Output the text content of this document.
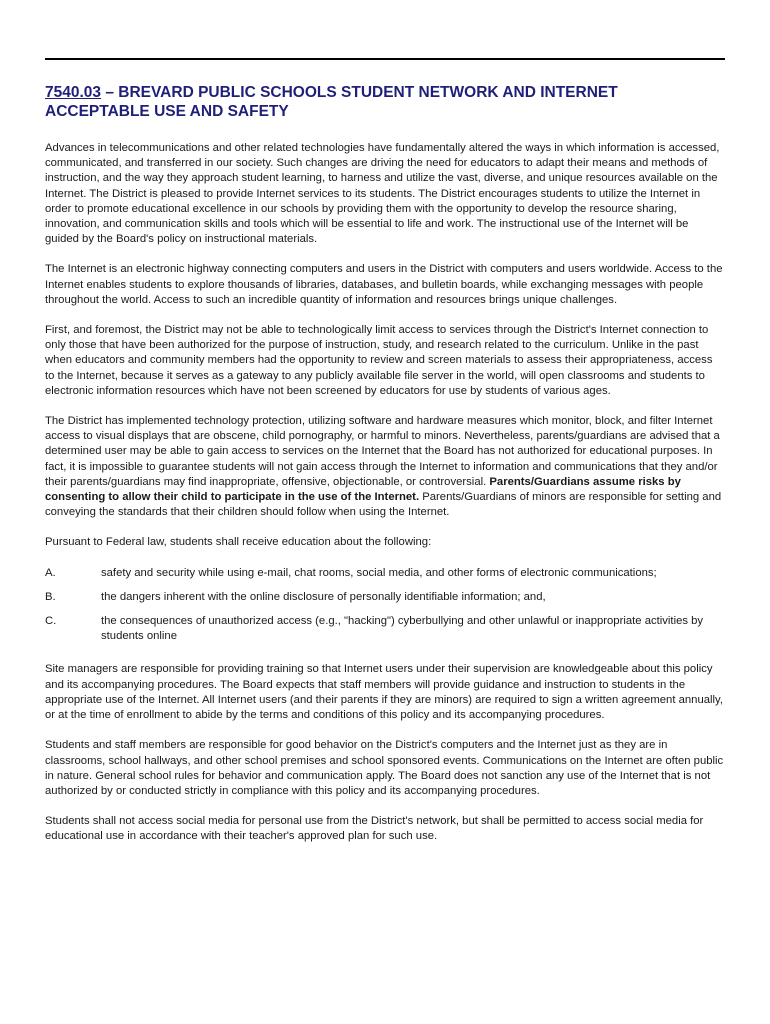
7540.03 – BREVARD PUBLIC SCHOOLS STUDENT NETWORK AND INTERNET ACCEPTABLE USE AND SAFETY

Advances in telecommunications and other related technologies have fundamentally altered the ways in which information is accessed, communicated, and transferred in our society. Such changes are driving the need for educators to adapt their means and methods of instruction, and the way they approach student learning, to harness and utilize the vast, diverse, and unique resources available on the Internet. The District is pleased to provide Internet services to its students. The District encourages students to utilize the Internet in order to promote educational excellence in our schools by providing them with the opportunity to develop the resource sharing, innovation, and communication skills and tools which will be essential to life and work. The instructional use of the Internet will be guided by the Board's policy on instructional materials.

The Internet is an electronic highway connecting computers and users in the District with computers and users worldwide. Access to the Internet enables students to explore thousands of libraries, databases, and bulletin boards, while exchanging messages with people throughout the world. Access to such an incredible quantity of information and resources brings unique challenges.

First, and foremost, the District may not be able to technologically limit access to services through the District's Internet connection to only those that have been authorized for the purpose of instruction, study, and research related to the curriculum. Unlike in the past when educators and community members had the opportunity to review and screen materials to assess their appropriateness, access to the Internet, because it serves as a gateway to any publicly available file server in the world, will open classrooms and students to electronic information resources which have not been screened by educators for use by students of various ages.

The District has implemented technology protection, utilizing software and hardware measures which monitor, block, and filter Internet access to visual displays that are obscene, child pornography, or harmful to minors. Nevertheless, parents/guardians are advised that a determined user may be able to gain access to services on the Internet that the Board has not authorized for educational purposes. In fact, it is impossible to guarantee students will not gain access through the Internet to information and communications that they and/or their parents/guardians may find inappropriate, offensive, objectionable, or controversial. Parents/Guardians assume risks by consenting to allow their child to participate in the use of the Internet. Parents/Guardians of minors are responsible for setting and conveying the standards that their children should follow when using the Internet.

Pursuant to Federal law, students shall receive education about the following:

A.	safety and security while using e-mail, chat rooms, social media, and other forms of electronic communications;
B.	the dangers inherent with the online disclosure of personally identifiable information; and,
C.	the consequences of unauthorized access (e.g., "hacking") cyberbullying and other unlawful or inappropriate activities by students online

Site managers are responsible for providing training so that Internet users under their supervision are knowledgeable about this policy and its accompanying procedures. The Board expects that staff members will provide guidance and instruction to students in the appropriate use of the Internet. All Internet users (and their parents if they are minors) are required to sign a written agreement annually, or at the time of enrollment to abide by the terms and conditions of this policy and its accompanying procedures.

Students and staff members are responsible for good behavior on the District's computers and the Internet just as they are in classrooms, school hallways, and other school premises and school sponsored events. Communications on the Internet are often public in nature. General school rules for behavior and communication apply. The Board does not sanction any use of the Internet that is not authorized by or conducted strictly in compliance with this policy and its accompanying procedures.

Students shall not access social media for personal use from the District's network, but shall be permitted to access social media for educational use in accordance with their teacher's approved plan for such use.
